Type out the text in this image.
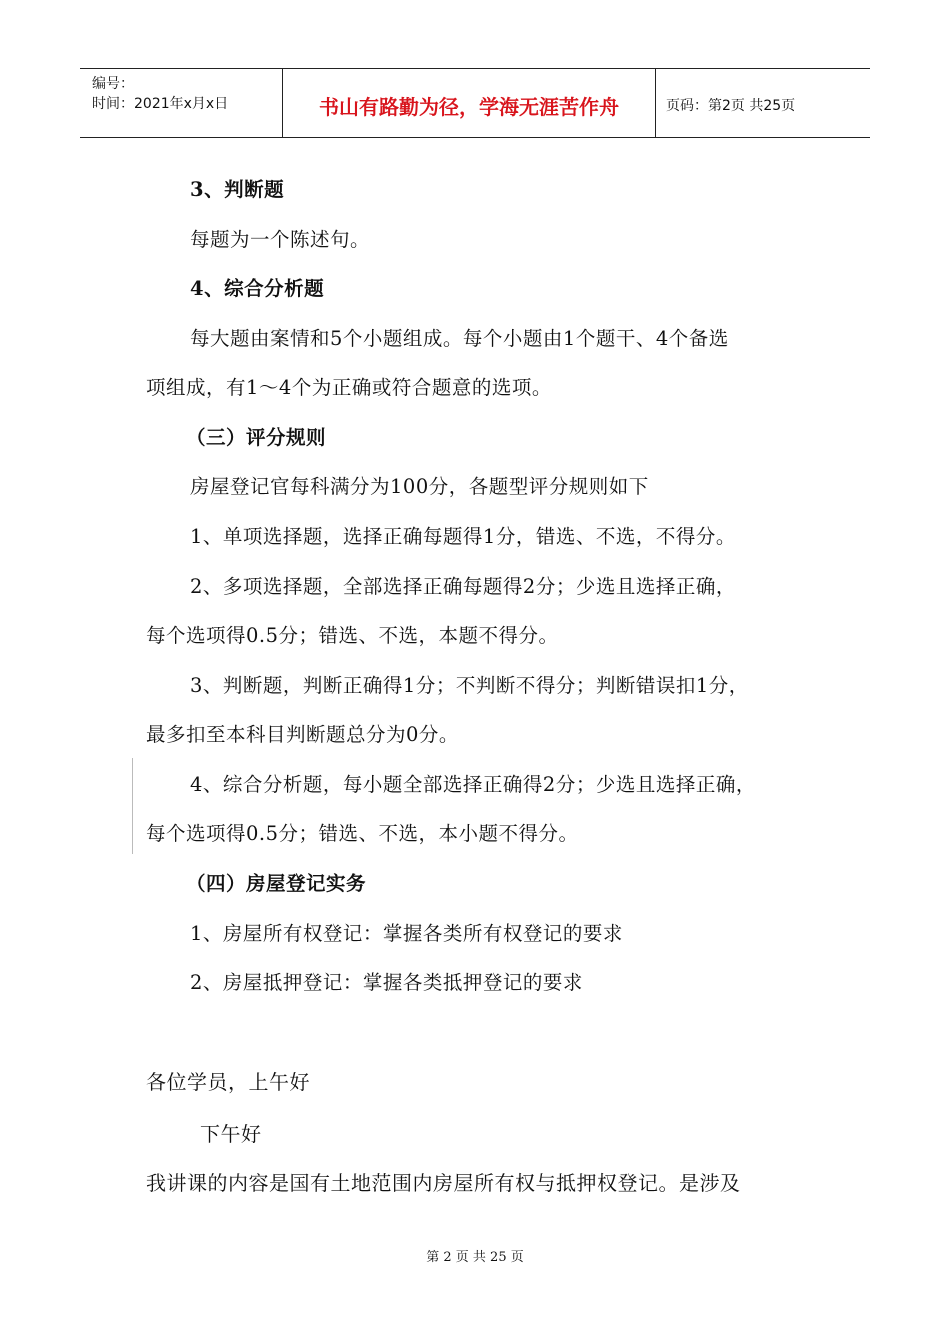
编号：
时间：2021年x月x日	书山有路勤为径，学海无涯苦作舟	页码：第2页 共25页
3、判断题
每题为一个陈述句。
4、综合分析题
每大题由案情和5个小题组成。每个小题由1个题干、4个备选
项组成，有1～4个为正确或符合题意的选项。
（三）评分规则
房屋登记官每科满分为100分，各题型评分规则如下
1、单项选择题，选择正确每题得1分，错选、不选，不得分。
2、多项选择题，全部选择正确每题得2分；少选且选择正确，
每个选项得0.5分；错选、不选，本题不得分。
3、判断题，判断正确得1分；不判断不得分；判断错误扣1分，
最多扣至本科目判断题总分为0分。
4、综合分析题，每小题全部选择正确得2分；少选且选择正确，
每个选项得0.5分；错选、不选，本小题不得分。
（四）房屋登记实务
1、房屋所有权登记：掌握各类所有权登记的要求
2、房屋抵押登记：掌握各类抵押登记的要求
各位学员，上午好
下午好
我讲课的内容是国有土地范围内房屋所有权与抵押权登记。是涉及
第 2 页 共 25 页
